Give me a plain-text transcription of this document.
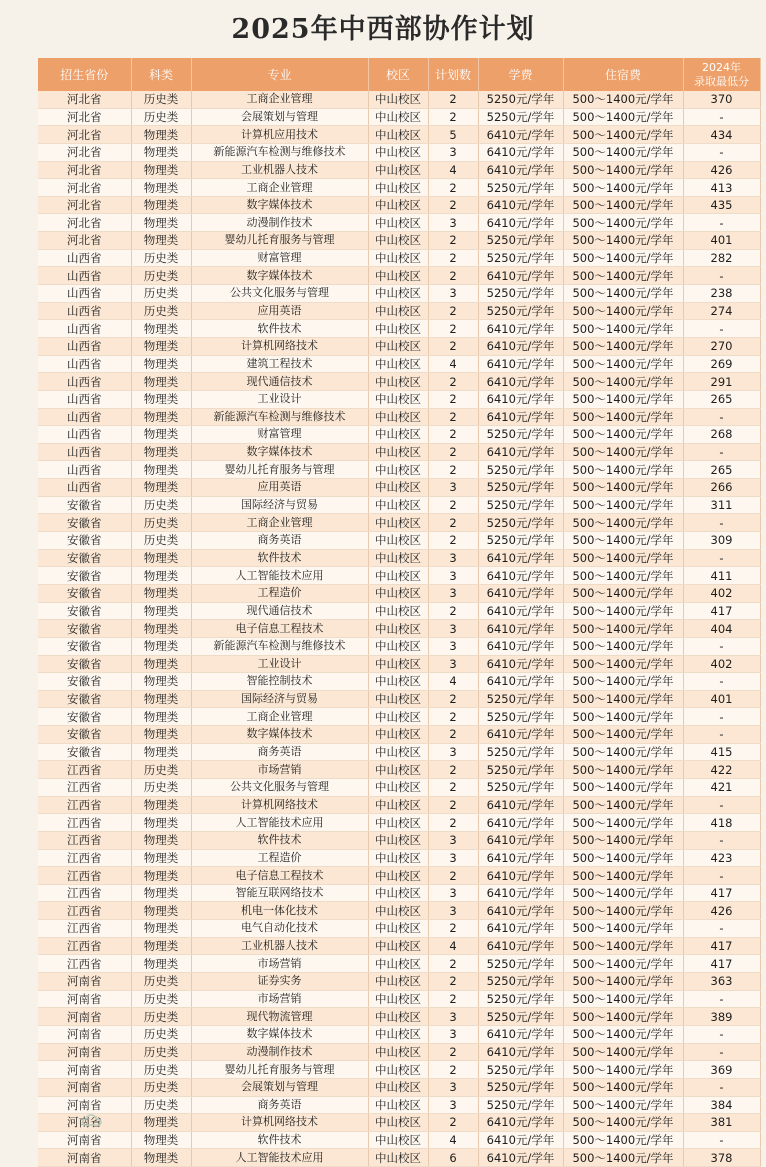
2025年中西部协作计划
招生省份	科类	专业	校区	计划数	学费	住宿费	2024年
录取最低分
河北省	历史类	工商企业管理	中山校区	2	5250元/学年	500～1400元/学年	370
河北省	历史类	会展策划与管理	中山校区	2	5250元/学年	500～1400元/学年	-
河北省	物理类	计算机应用技术	中山校区	5	6410元/学年	500～1400元/学年	434
河北省	物理类	新能源汽车检测与维修技术	中山校区	3	6410元/学年	500～1400元/学年	-
河北省	物理类	工业机器人技术	中山校区	4	6410元/学年	500～1400元/学年	426
河北省	物理类	工商企业管理	中山校区	2	5250元/学年	500～1400元/学年	413
河北省	物理类	数字媒体技术	中山校区	2	6410元/学年	500～1400元/学年	435
河北省	物理类	动漫制作技术	中山校区	3	6410元/学年	500～1400元/学年	-
河北省	物理类	婴幼儿托育服务与管理	中山校区	2	5250元/学年	500～1400元/学年	401
山西省	历史类	财富管理	中山校区	2	5250元/学年	500～1400元/学年	282
山西省	历史类	数字媒体技术	中山校区	2	6410元/学年	500～1400元/学年	-
山西省	历史类	公共文化服务与管理	中山校区	3	5250元/学年	500～1400元/学年	238
山西省	历史类	应用英语	中山校区	2	5250元/学年	500～1400元/学年	274
山西省	物理类	软件技术	中山校区	2	6410元/学年	500～1400元/学年	-
山西省	物理类	计算机网络技术	中山校区	2	6410元/学年	500～1400元/学年	270
山西省	物理类	建筑工程技术	中山校区	4	6410元/学年	500～1400元/学年	269
山西省	物理类	现代通信技术	中山校区	2	6410元/学年	500～1400元/学年	291
山西省	物理类	工业设计	中山校区	2	6410元/学年	500～1400元/学年	265
山西省	物理类	新能源汽车检测与维修技术	中山校区	2	6410元/学年	500～1400元/学年	-
山西省	物理类	财富管理	中山校区	2	5250元/学年	500～1400元/学年	268
山西省	物理类	数字媒体技术	中山校区	2	6410元/学年	500～1400元/学年	-
山西省	物理类	婴幼儿托育服务与管理	中山校区	2	5250元/学年	500～1400元/学年	265
山西省	物理类	应用英语	中山校区	3	5250元/学年	500～1400元/学年	266
安徽省	历史类	国际经济与贸易	中山校区	2	5250元/学年	500～1400元/学年	311
安徽省	历史类	工商企业管理	中山校区	2	5250元/学年	500～1400元/学年	-
安徽省	历史类	商务英语	中山校区	2	5250元/学年	500～1400元/学年	309
安徽省	物理类	软件技术	中山校区	3	6410元/学年	500～1400元/学年	-
安徽省	物理类	人工智能技术应用	中山校区	3	6410元/学年	500～1400元/学年	411
安徽省	物理类	工程造价	中山校区	3	6410元/学年	500～1400元/学年	402
安徽省	物理类	现代通信技术	中山校区	2	6410元/学年	500～1400元/学年	417
安徽省	物理类	电子信息工程技术	中山校区	3	6410元/学年	500～1400元/学年	404
安徽省	物理类	新能源汽车检测与维修技术	中山校区	3	6410元/学年	500～1400元/学年	-
安徽省	物理类	工业设计	中山校区	3	6410元/学年	500～1400元/学年	402
安徽省	物理类	智能控制技术	中山校区	4	6410元/学年	500～1400元/学年	-
安徽省	物理类	国际经济与贸易	中山校区	2	5250元/学年	500～1400元/学年	401
安徽省	物理类	工商企业管理	中山校区	2	5250元/学年	500～1400元/学年	-
安徽省	物理类	数字媒体技术	中山校区	2	6410元/学年	500～1400元/学年	-
安徽省	物理类	商务英语	中山校区	3	5250元/学年	500～1400元/学年	415
江西省	历史类	市场营销	中山校区	2	5250元/学年	500～1400元/学年	422
江西省	历史类	公共文化服务与管理	中山校区	2	5250元/学年	500～1400元/学年	421
江西省	物理类	计算机网络技术	中山校区	2	6410元/学年	500～1400元/学年	-
江西省	物理类	人工智能技术应用	中山校区	2	6410元/学年	500～1400元/学年	418
江西省	物理类	软件技术	中山校区	3	6410元/学年	500～1400元/学年	-
江西省	物理类	工程造价	中山校区	3	6410元/学年	500～1400元/学年	423
江西省	物理类	电子信息工程技术	中山校区	2	6410元/学年	500～1400元/学年	-
江西省	物理类	智能互联网络技术	中山校区	3	6410元/学年	500～1400元/学年	417
江西省	物理类	机电一体化技术	中山校区	3	6410元/学年	500～1400元/学年	426
江西省	物理类	电气自动化技术	中山校区	2	6410元/学年	500～1400元/学年	-
江西省	物理类	工业机器人技术	中山校区	4	6410元/学年	500～1400元/学年	417
江西省	物理类	市场营销	中山校区	2	5250元/学年	500～1400元/学年	417
河南省	历史类	证券实务	中山校区	2	5250元/学年	500～1400元/学年	363
河南省	历史类	市场营销	中山校区	2	5250元/学年	500～1400元/学年	-
河南省	历史类	现代物流管理	中山校区	3	5250元/学年	500～1400元/学年	389
河南省	历史类	数字媒体技术	中山校区	3	6410元/学年	500～1400元/学年	-
河南省	历史类	动漫制作技术	中山校区	2	6410元/学年	500～1400元/学年	-
河南省	历史类	婴幼儿托育服务与管理	中山校区	2	5250元/学年	500～1400元/学年	369
河南省	历史类	会展策划与管理	中山校区	3	5250元/学年	500～1400元/学年	-
河南省	历史类	商务英语	中山校区	3	5250元/学年	500～1400元/学年	384
河南省	物理类	计算机网络技术	中山校区	2	6410元/学年	500～1400元/学年	381
河南省	物理类	软件技术	中山校区	4	6410元/学年	500～1400元/学年	-
河南省	物理类	人工智能技术应用	中山校区	6	6410元/学年	500～1400元/学年	378
